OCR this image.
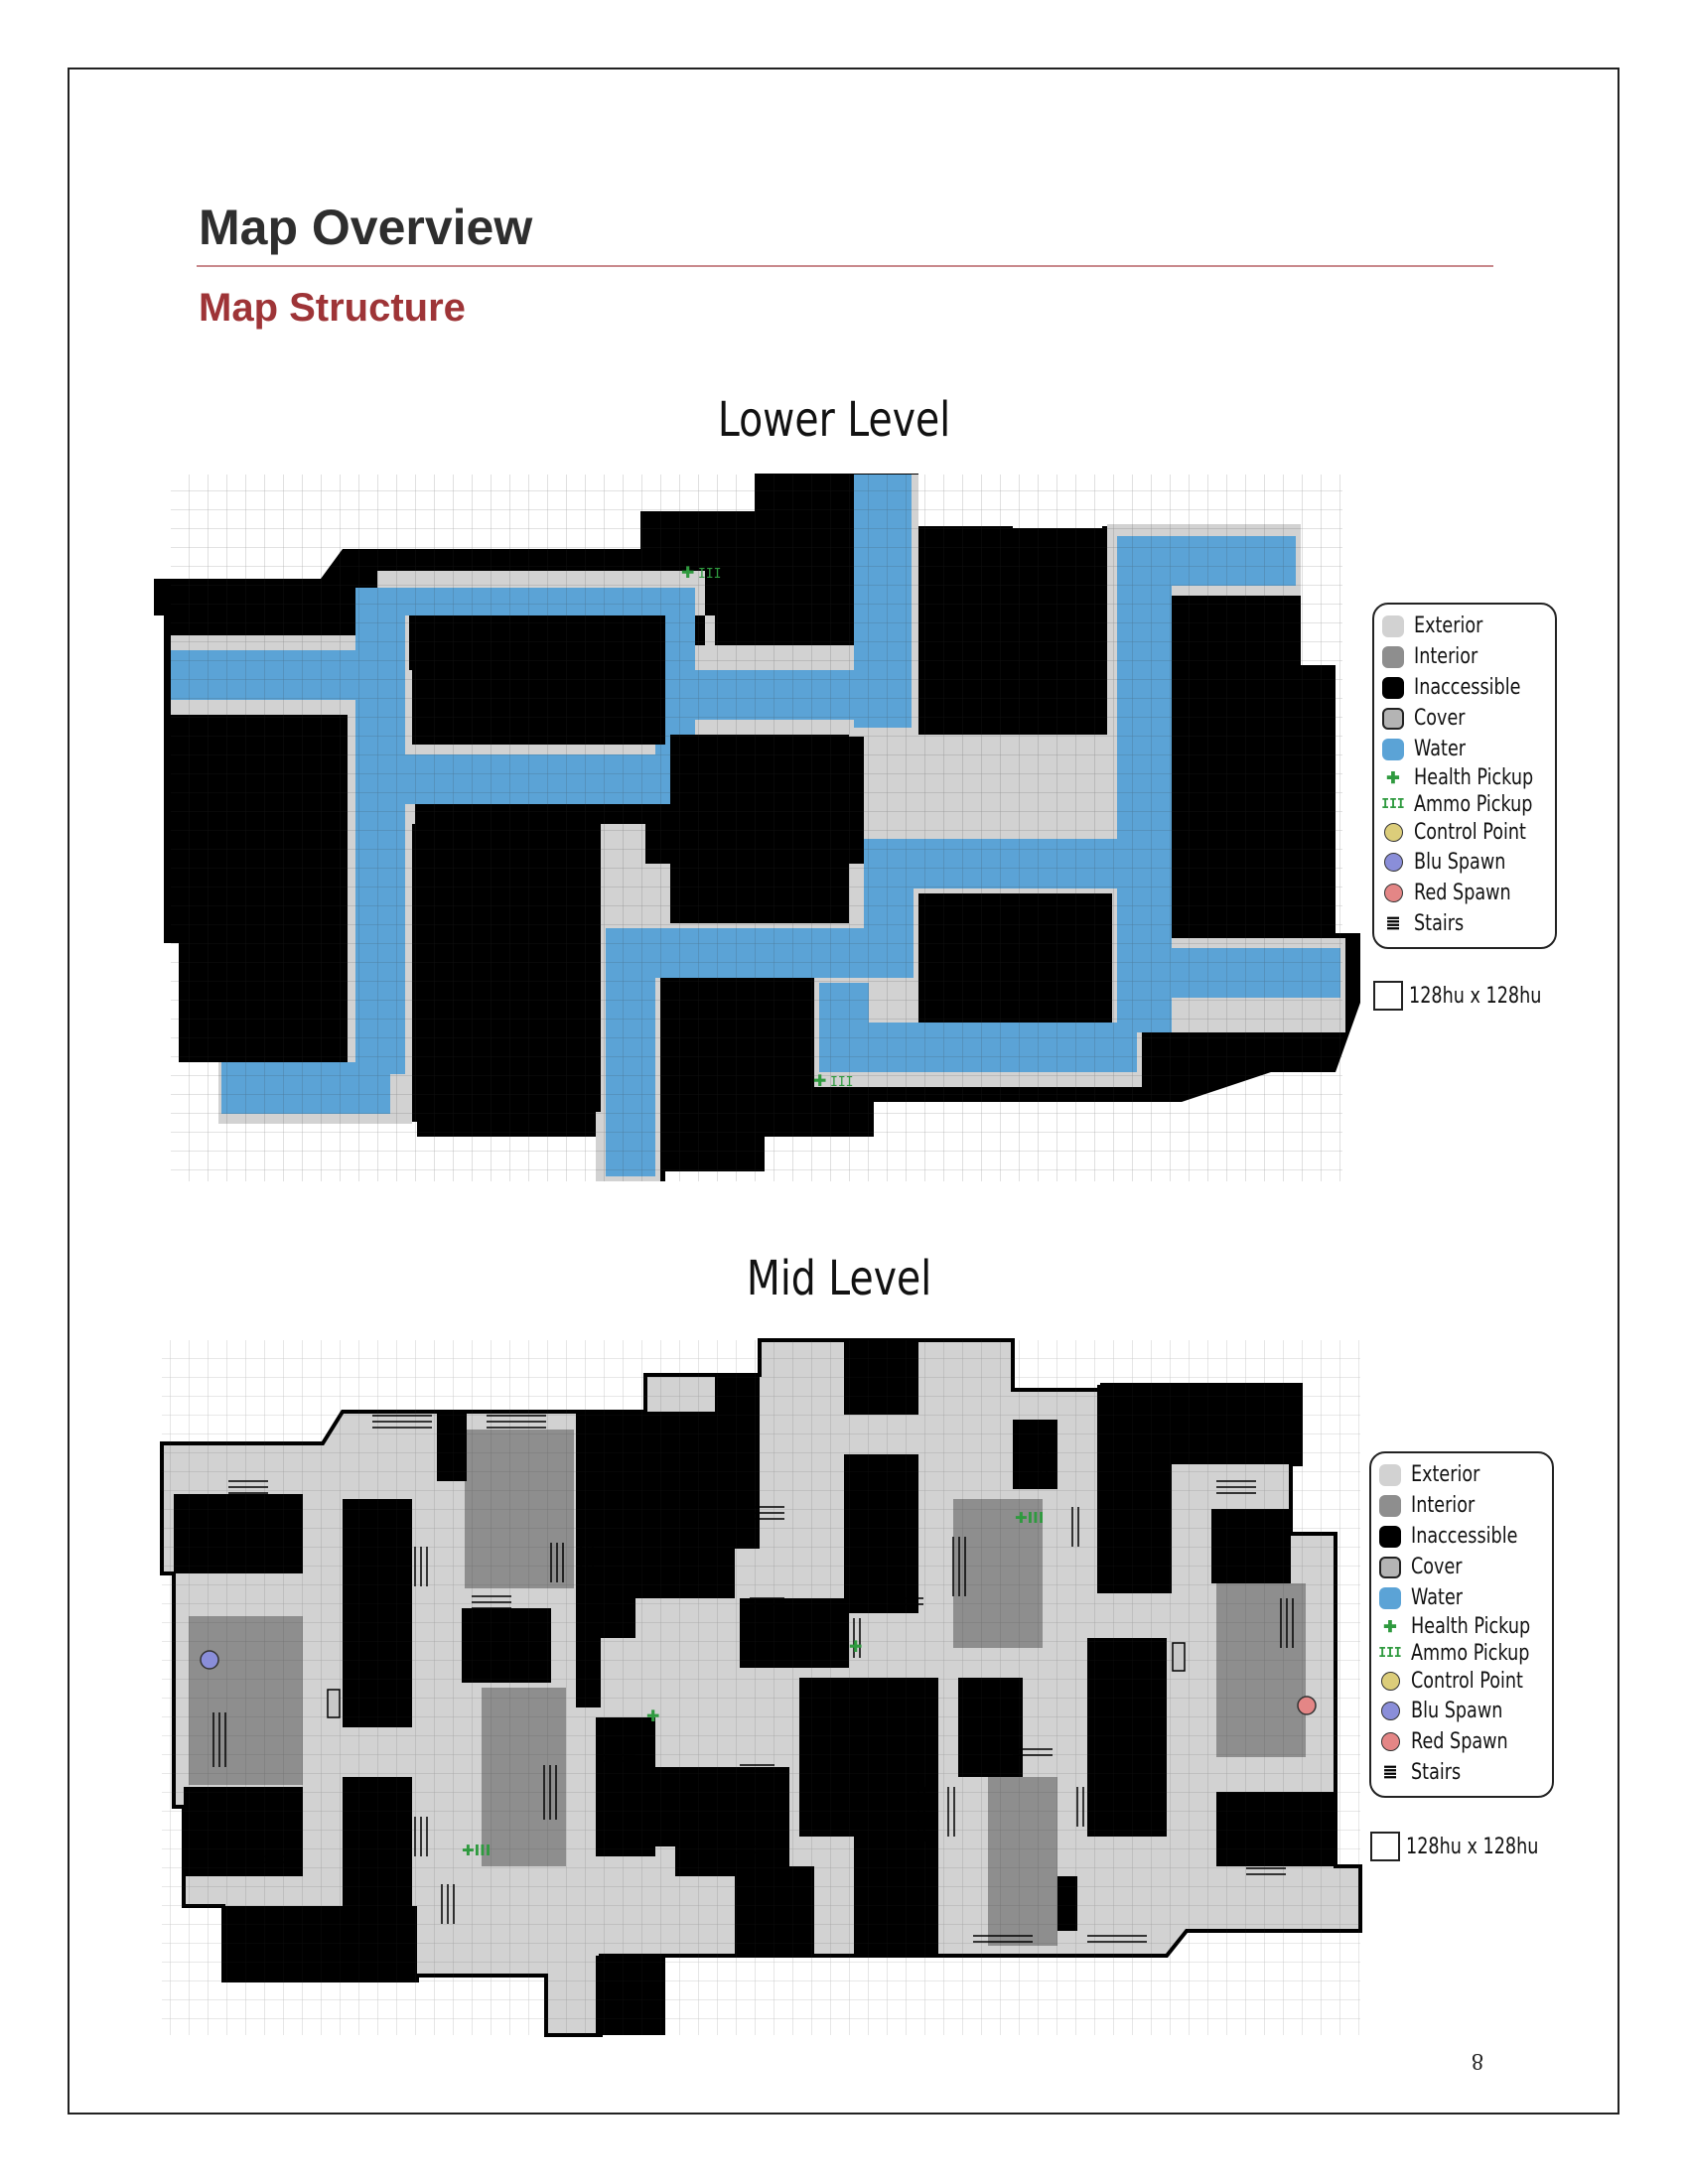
Map Overview
Map Structure
✚ III
✚ III
✚
✚
✚III
✚III
Lower Level
Mid Level
Exterior
Interior
Inaccessible
Cover
Water
✚ Health Pickup
III Ammo Pickup
Control Point
Blu Spawn
Red Spawn
≣ Stairs
128hu x 128hu
Exterior
Interior
Inaccessible
Cover
Water
✚ Health Pickup
III Ammo Pickup
Control Point
Blu Spawn
Red Spawn
≣ Stairs
128hu x 128hu
8
